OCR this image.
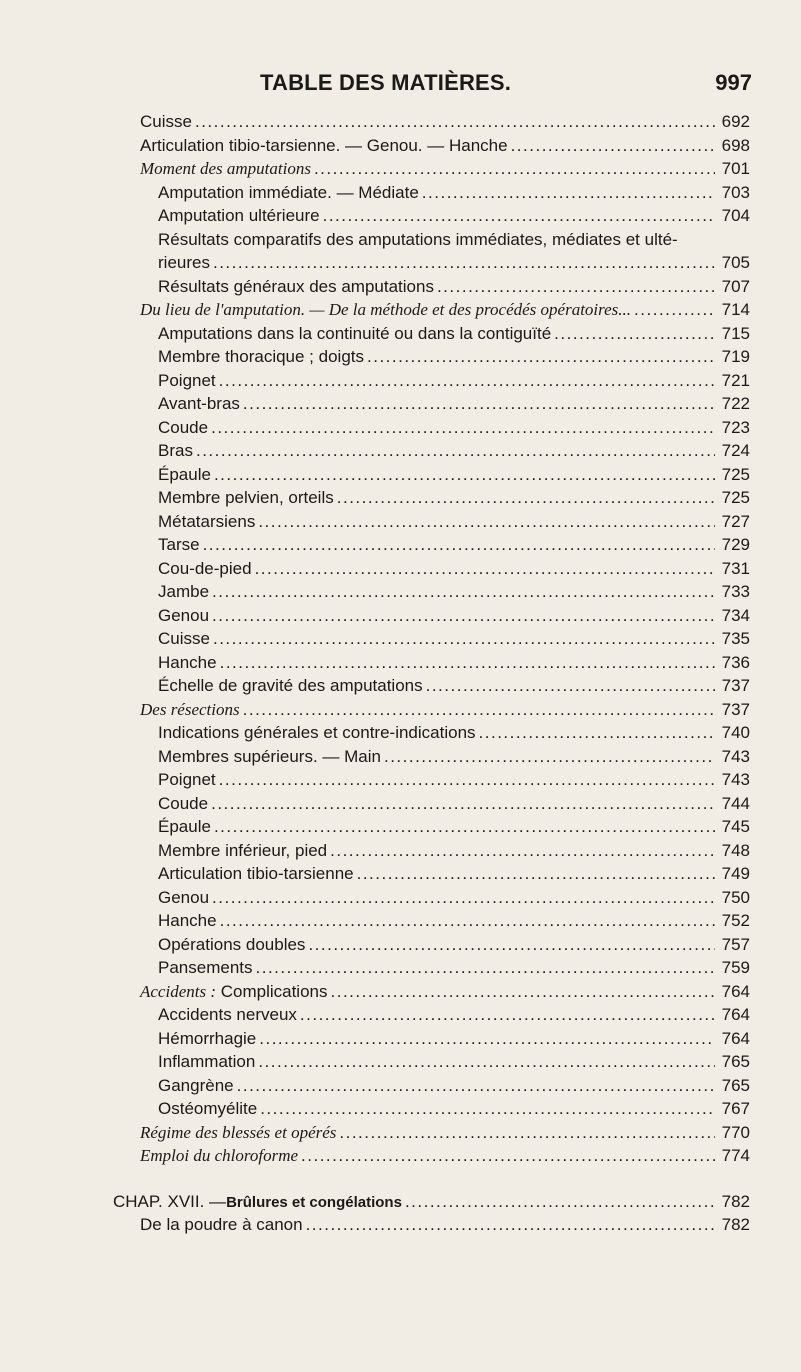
TABLE DES MATIÈRES.	997
Cuisse .....	692
Articulation tibio-tarsienne. — Genou. — Hanche .....	698
Moment des amputations .....	701
Amputation immédiate. — Médiate .....	703
Amputation ultérieure .....	704
Résultats comparatifs des amputations immédiates, médiates et ulté-
rieures .....	705
Résultats généraux des amputations .....	707
Du lieu de l'amputation. — De la méthode et des procédés opératoires... .....	714
Amputations dans la continuité ou dans la contiguïté .....	715
Membre thoracique ; doigts .....	719
Poignet .....	721
Avant-bras .....	722
Coude .....	723
Bras .....	724
Épaule .....	725
Membre pelvien, orteils .....	725
Métatarsiens .....	727
Tarse .....	729
Cou-de-pied .....	731
Jambe .....	733
Genou .....	734
Cuisse .....	735
Hanche .....	736
Échelle de gravité des amputations .....	737
Des résections .....	737
Indications générales et contre-indications .....	740
Membres supérieurs. — Main .....	743
Poignet .....	743
Coude .....	744
Épaule .....	745
Membre inférieur, pied .....	748
Articulation tibio-tarsienne .....	749
Genou .....	750
Hanche .....	752
Opérations doubles .....	757
Pansements .....	759
Accidents : Complications .....	764
Accidents nerveux .....	764
Hémorrhagie .....	764
Inflammation .....	765
Gangrène .....	765
Ostéomyélite .....	767
Régime des blessés et opérés .....	770
Emploi du chloroforme .....	774
CHAP. XVII. — Brûlures et congélations .....	782
De la poudre à canon .....	782
